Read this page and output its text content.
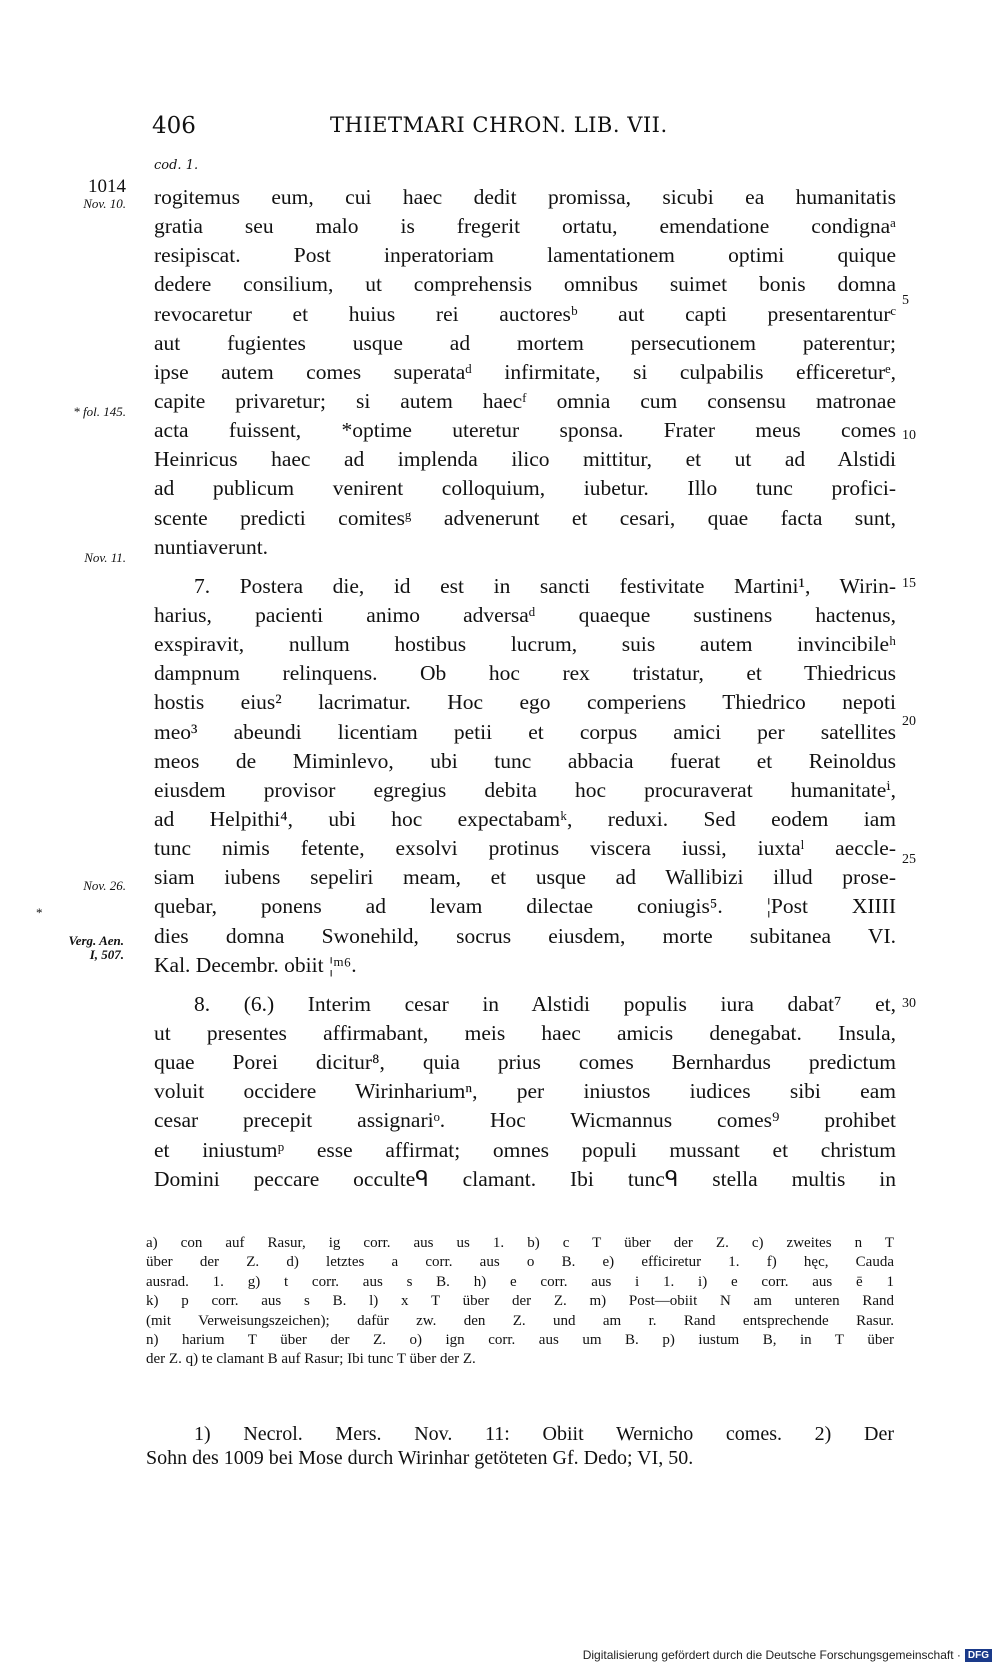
406	THIETMARI CHRON. LIB. VII.
cod. 1.
1014
Nov. 10.
* fol. 145.
Nov. 11.
Nov. 26.
*
Verg. Aen.
I, 507.
rogitemus eum, cui haec dedit promissa, sicubi ea humanitatis
gratia seu malo is fregerit ortatu, emendatione condignaᵃ
resipiscat. Post inperatoriam lamentationem optimi quique
dedere consilium, ut comprehensis omnibus suimet bonis domna
revocaretur et huius rei auctoresᵇ aut capti presentarenturᶜ
aut fugientes usque ad mortem persecutionem paterentur;
ipse autem comes superataᵈ infirmitate, si culpabilis efficereturᵉ,
capite privaretur; si autem haecᶠ omnia cum consensu matronae
acta fuissent, *optime uteretur sponsa. Frater meus comes
Heinricus haec ad implenda ilico mittitur, et ut ad Alstidi
ad publicum venirent colloquium, iubetur. Illo tunc profici-
scente predicti comitesᵍ advenerunt et cesari, quae facta sunt,
nuntiaverunt.
7. Postera die, id est in sancti festivitate Martini¹, Wirin-
harius, pacienti animo adversaᵈ quaeque sustinens hactenus,
exspiravit, nullum hostibus lucrum, suis autem invincibileʰ
dampnum relinquens. Ob hoc rex tristatur, et Thiedricus
hostis eius² lacrimatur. Hoc ego comperiens Thiedrico nepoti
meo³ abeundi licentiam petii et corpus amici per satellites
meos de Miminlevo, ubi tunc abbacia fuerat et Reinoldus
eiusdem provisor egregius debita hoc procuraverat humanitateⁱ,
ad Helpithi⁴, ubi hoc expectabamᵏ, reduxi. Sed eodem iam
tunc nimis fetente, exsolvi protinus viscera iussi, iuxtaˡ aeccle-
siam iubens sepeliri meam, et usque ad Wallibizi illud prose-
quebar, ponens ad levam dilectae coniugis⁵. ¦Post XIIII
dies domna Swonehild, socrus eiusdem, morte subitanea VI.
Kal. Decembr. obiit ¦ᵐ⁶.
8. (6.) Interim cesar in Alstidi populis iura dabat⁷ et,
ut presentes affirmabant, meis haec amicis denegabat. Insula,
quae Porei dicitur⁸, quia prius comes Bernhardus predictum
voluit occidere Wirinhariumⁿ, per iniustos iudices sibi eam
cesar precepit assignariᵒ. Hoc Wicmannus comes⁹ prohibet
et iniustumᵖ esse affirmat; omnes populi mussant et christum
Domini peccare occulteᑫ clamant. Ibi tuncᑫ stella multis in
5
10
15
20
25
30
a) con auf Rasur, ig corr. aus us 1. b) c T über der Z. c) zweites n T
über der Z. d) letztes a corr. aus o B. e) efficiretur 1. f) hęc, Cauda
ausrad. 1. g) t corr. aus s B. h) e corr. aus i 1. i) e corr. aus ē 1
k) p corr. aus s B. l) x T über der Z. m) Post—obiit N am unteren Rand
(mit Verweisungszeichen); dafür zw. den Z. und am r. Rand entsprechende Rasur.
n) harium T über der Z. o) ign corr. aus um B. p) iustum B, in T über
der Z. q) te clamant B auf Rasur; Ibi tunc T über der Z.
1) Necrol. Mers. Nov. 11: Obiit Wernicho comes. 2) Der
Sohn des 1009 bei Mose durch Wirinhar getöteten Gf. Dedo; VI, 50.
Digitalisierung gefördert durch die Deutsche Forschungsgemeinschaft · DFG
